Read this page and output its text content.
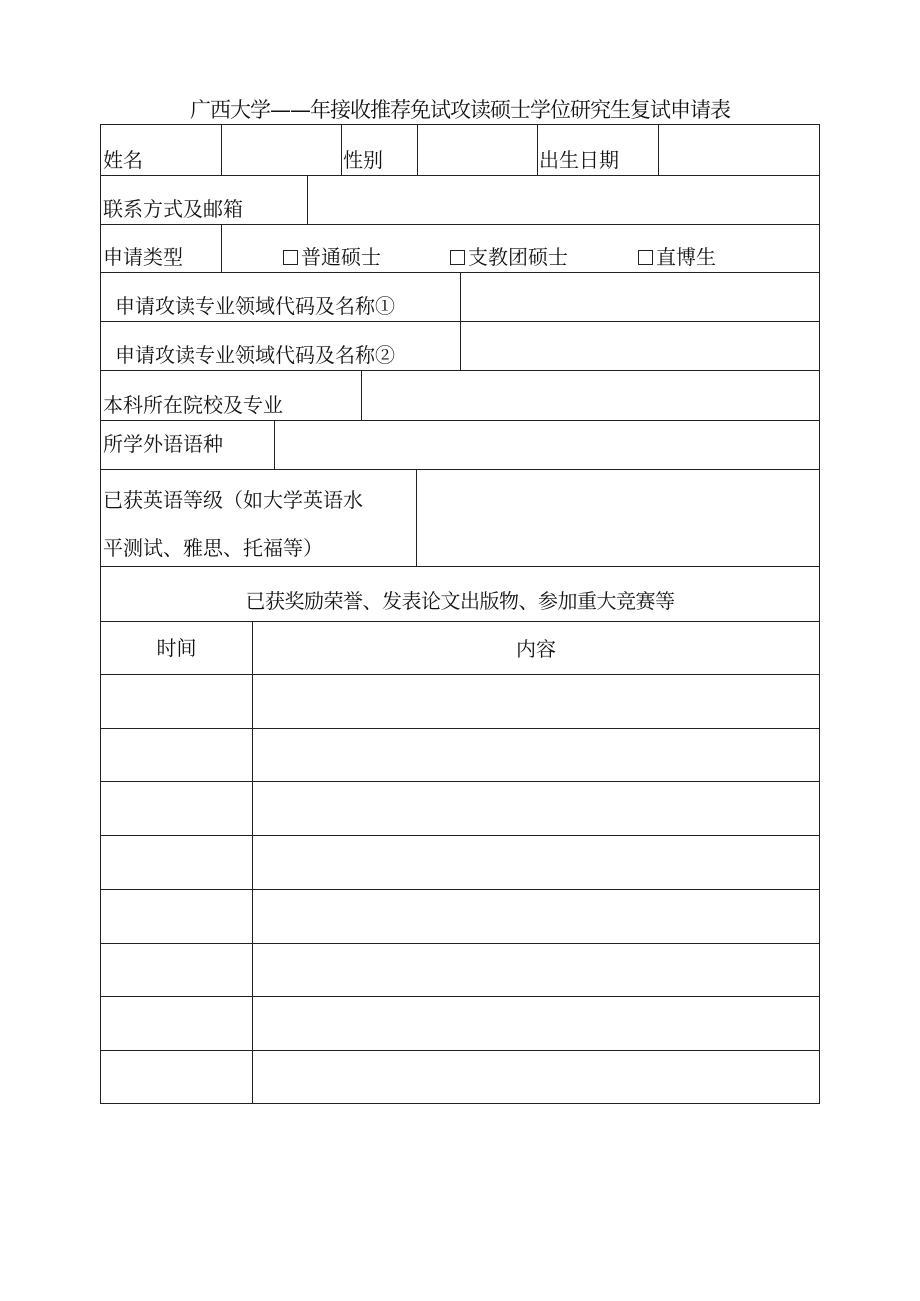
广西大学——年接收推荐免试攻读硕士学位研究生复试申请表
姓名	性别	出生日期
联系方式及邮箱
申请类型	普通硕士	支教团硕士	直博生
申请攻读专业领域代码及名称①
申请攻读专业领域代码及名称②
本科所在院校及专业
所学外语语种
已获英语等级（如大学英语水
平测试、雅思、托福等）
已获奖励荣誉、发表论文出版物、参加重大竞赛等
时间	内容
